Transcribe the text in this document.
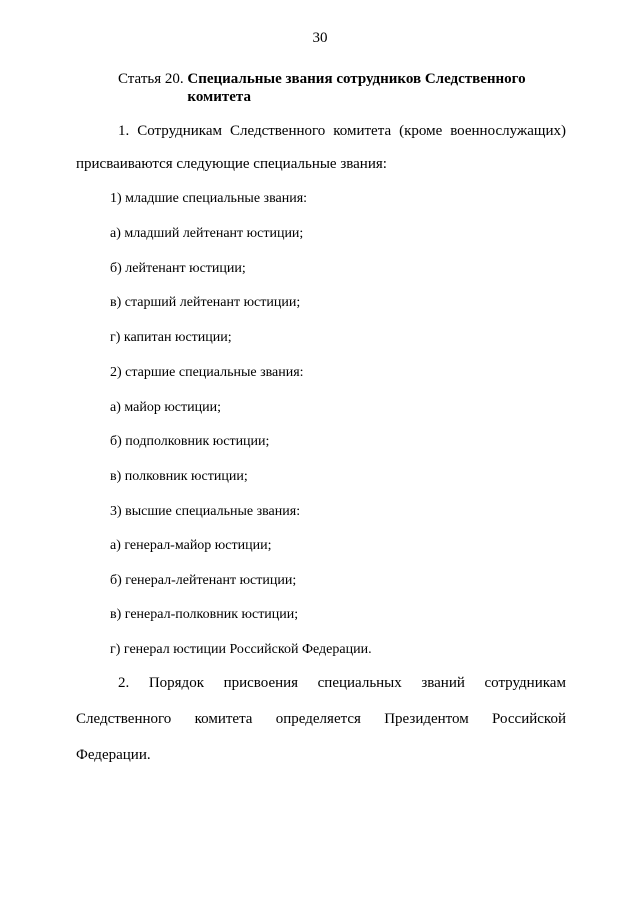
30
Статья 20. Специальные звания сотрудников Следственного
комитета
1. Сотрудникам Следственного комитета (кроме военнослужащих)
присваиваются следующие специальные звания:
1) младшие специальные звания:
а) младший лейтенант юстиции;
б) лейтенант юстиции;
в) старший лейтенант юстиции;
г) капитан юстиции;
2) старшие специальные звания:
а) майор юстиции;
б) подполковник юстиции;
в) полковник юстиции;
3) высшие специальные звания:
а) генерал-майор юстиции;
б) генерал-лейтенант юстиции;
в) генерал-полковник юстиции;
г) генерал юстиции Российской Федерации.
2. Порядок присвоения специальных званий сотрудникам
Следственного комитета определяется Президентом Российской
Федерации.
